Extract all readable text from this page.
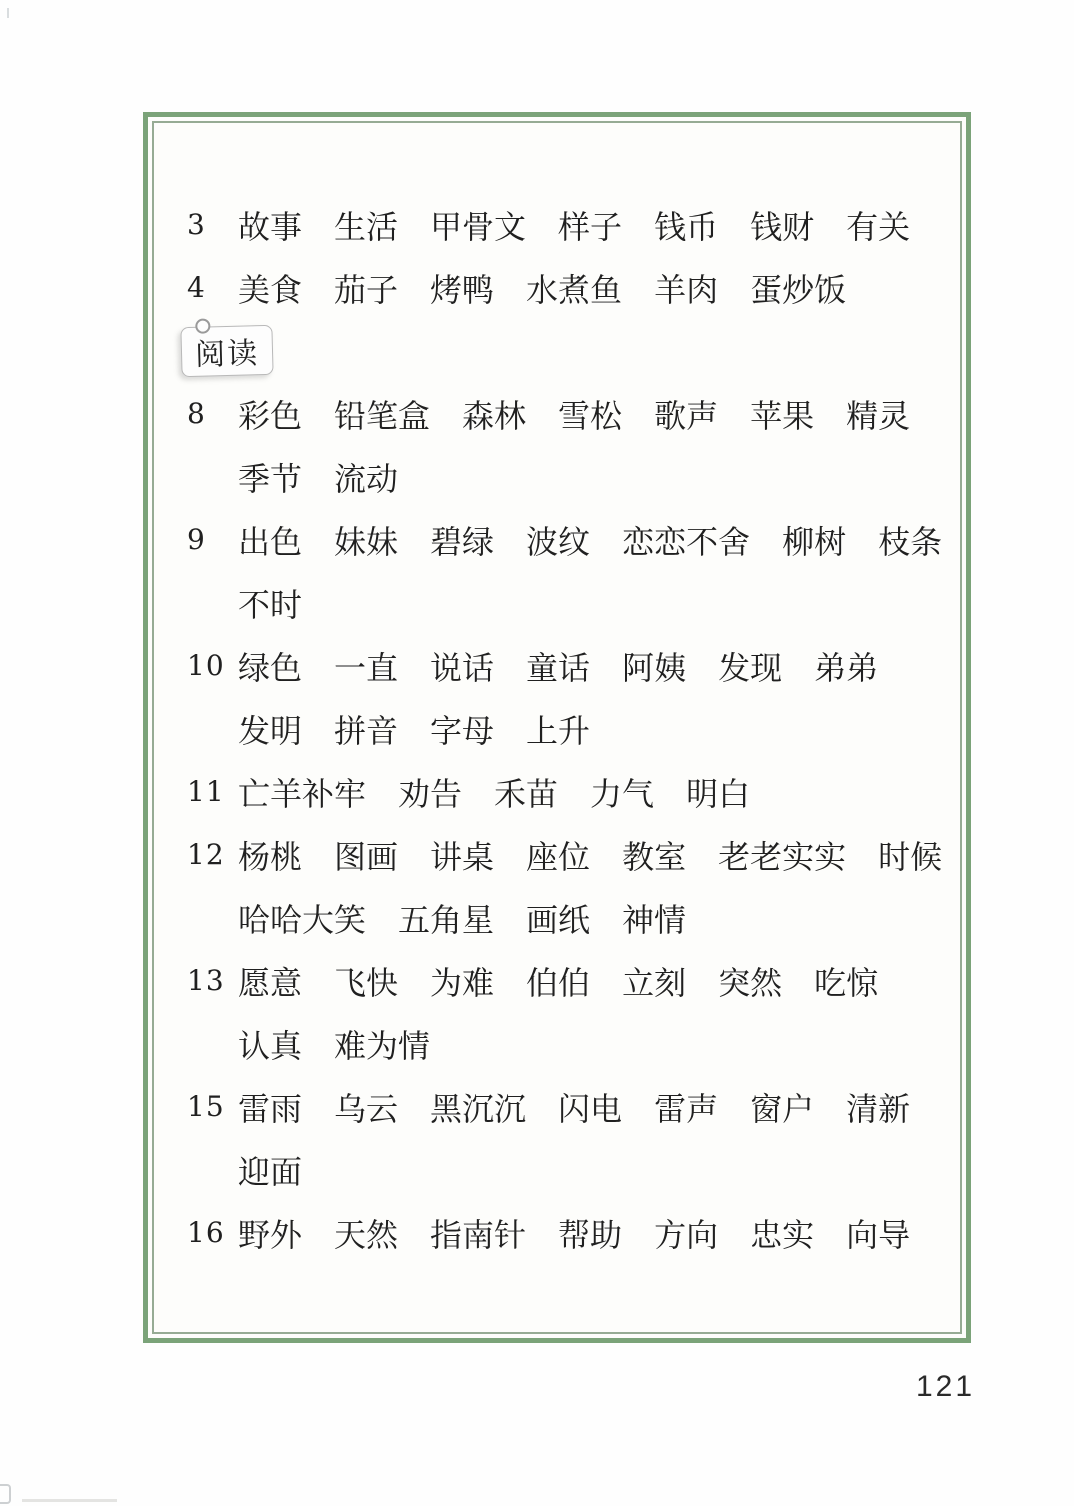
3	故事 生活 甲骨文 样子 钱币 钱财 有关
4	美食 茄子 烤鸭 水煮鱼 羊肉 蛋炒饭
阅读
8	彩色 铅笔盒 森林 雪松 歌声 苹果 精灵
季节 流动
9	出色 妹妹 碧绿 波纹 恋恋不舍 柳树 枝条
不时
10 绿色 一直 说话 童话 阿姨 发现 弟弟
发明 拼音 字母 上升
11 亡羊补牢 劝告 禾苗 力气 明白
12 杨桃 图画 讲桌 座位 教室 老老实实 时候
哈哈大笑 五角星 画纸 神情
13 愿意 飞快 为难 伯伯 立刻 突然 吃惊
认真 难为情
15 雷雨 乌云 黑沉沉 闪电 雷声 窗户 清新
迎面
16 野外 天然 指南针 帮助 方向 忠实 向导
121
